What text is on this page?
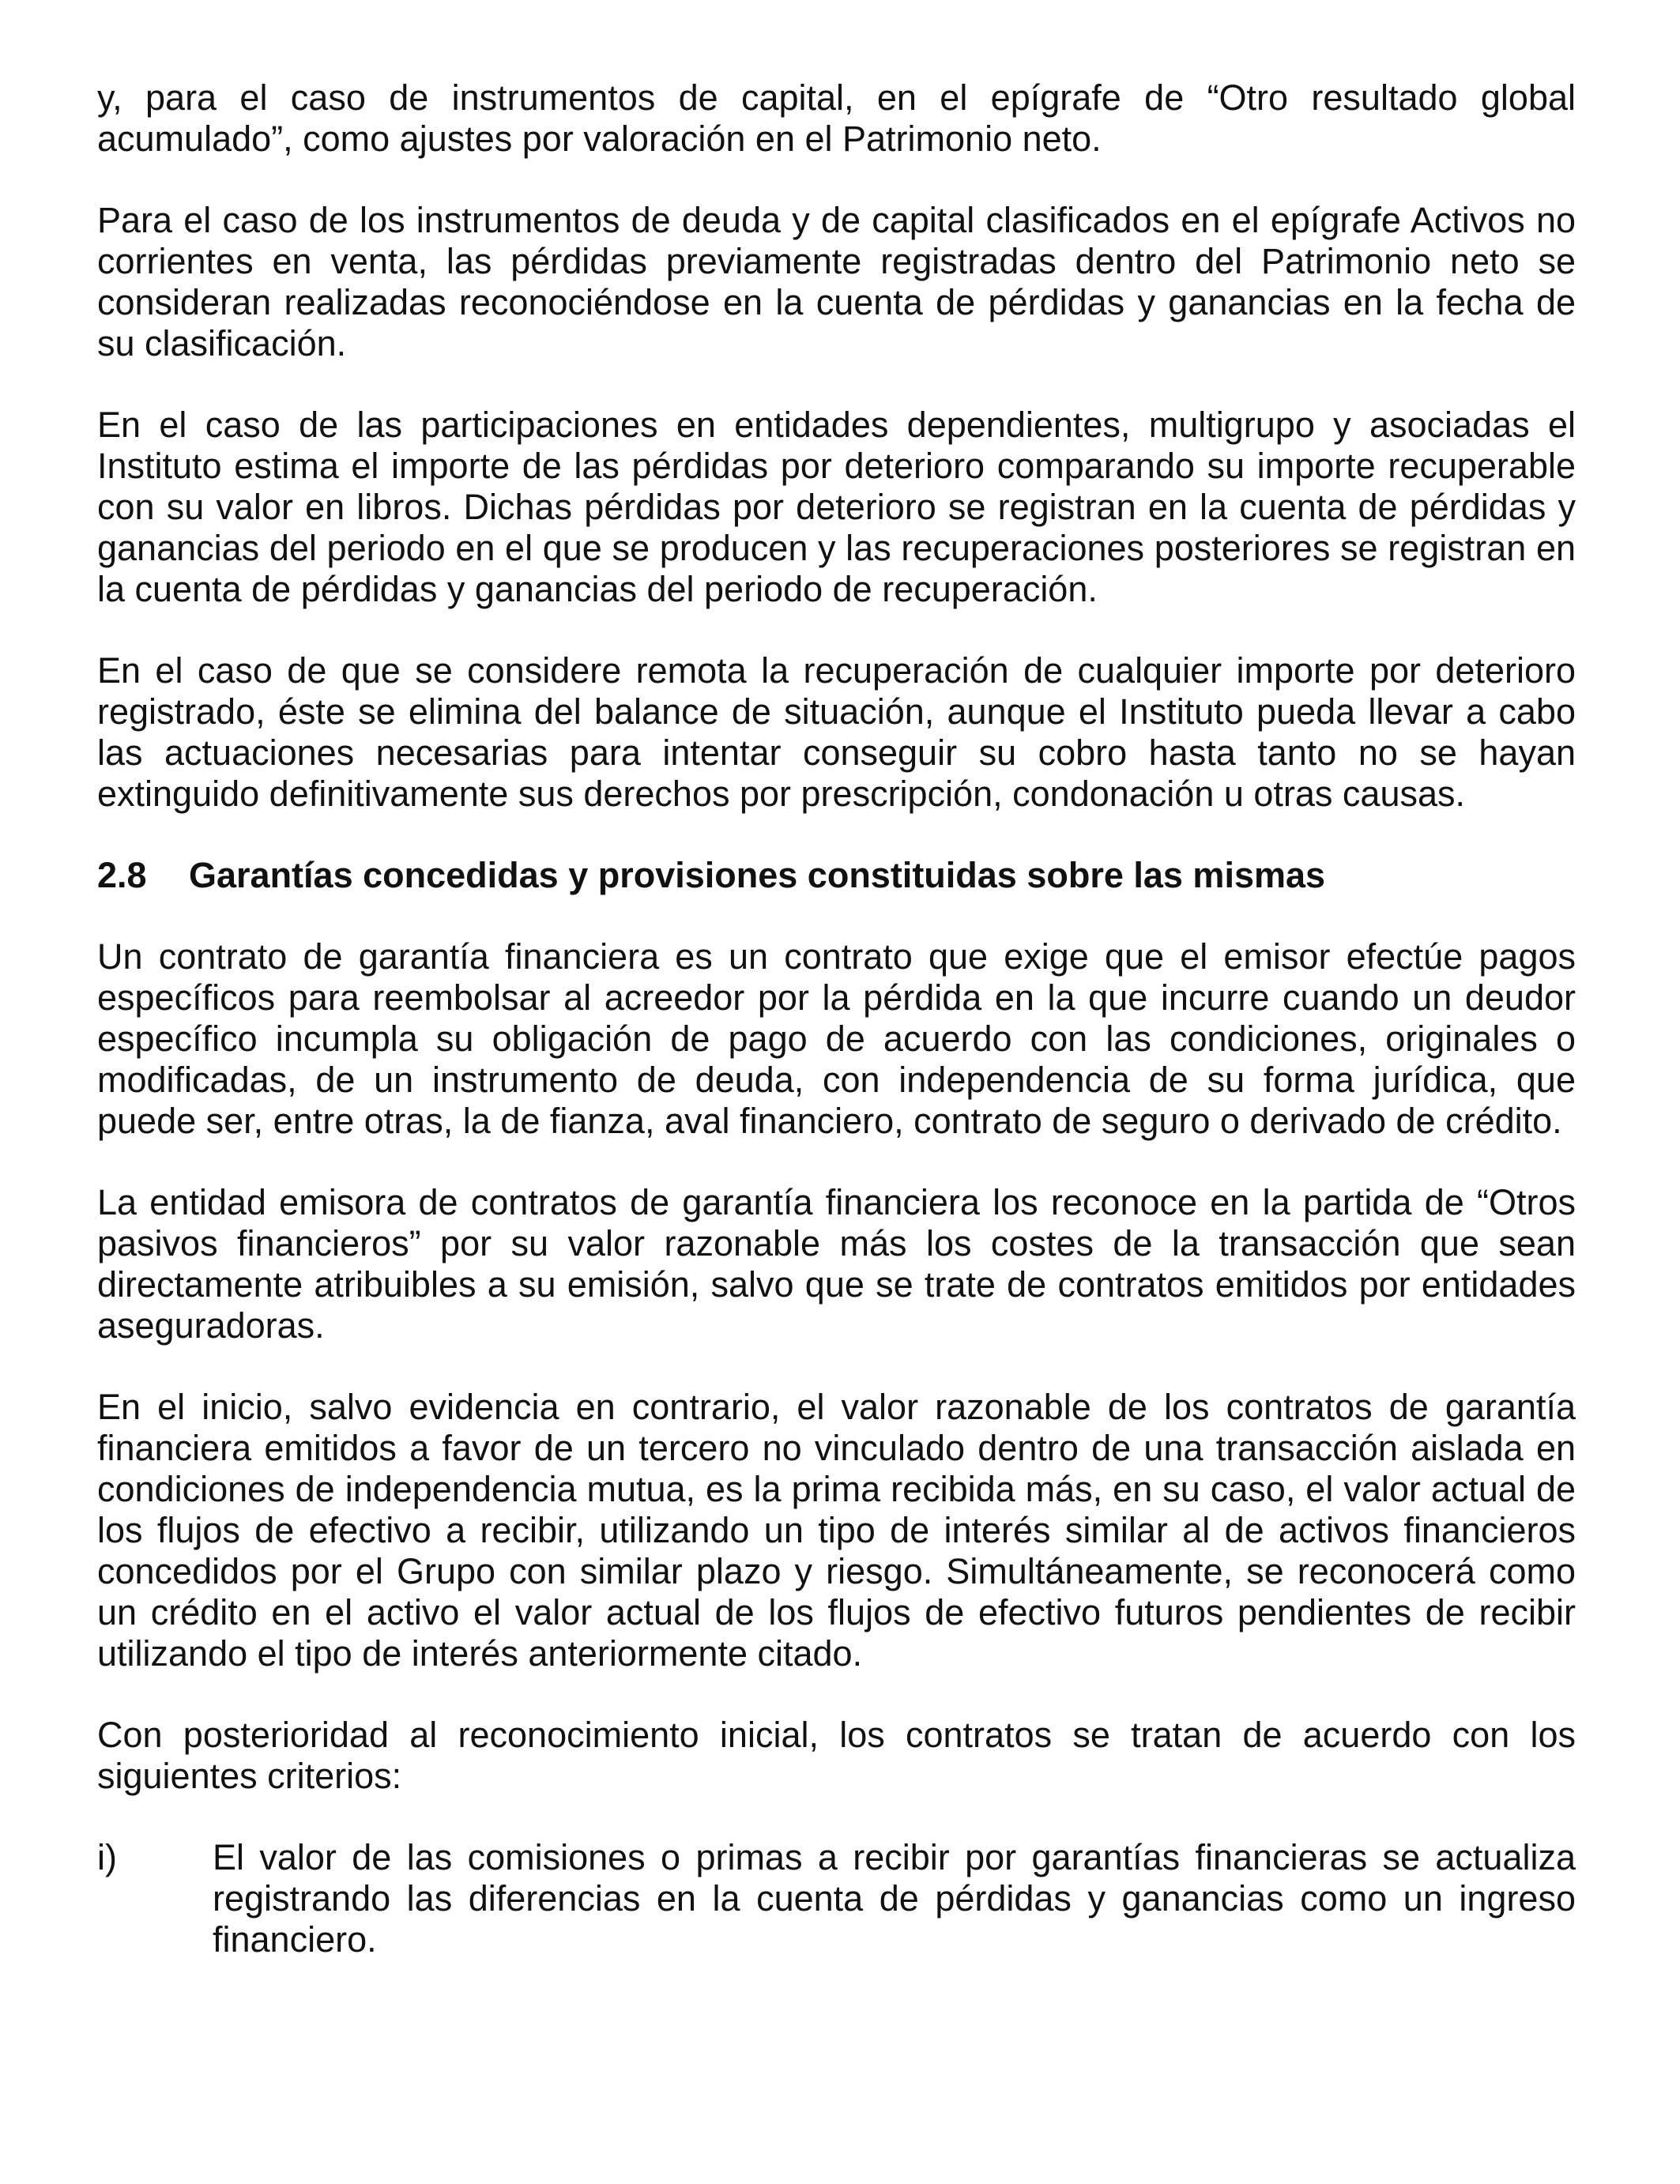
y, para el caso de instrumentos de capital, en el epígrafe de “Otro resultado global acumulado”, como ajustes por valoración en el Patrimonio neto.

Para el caso de los instrumentos de deuda y de capital clasificados en el epígrafe Activos no corrientes en venta, las pérdidas previamente registradas dentro del Patrimonio neto se consideran realizadas reconociéndose en la cuenta de pérdidas y ganancias en la fecha de su clasificación.

En el caso de las participaciones en entidades dependientes, multigrupo y asociadas el Instituto estima el importe de las pérdidas por deterioro comparando su importe recuperable con su valor en libros. Dichas pérdidas por deterioro se registran en la cuenta de pérdidas y ganancias del periodo en el que se producen y las recuperaciones posteriores se registran en la cuenta de pérdidas y ganancias del periodo de recuperación.

En el caso de que se considere remota la recuperación de cualquier importe por deterioro registrado, éste se elimina del balance de situación, aunque el Instituto pueda llevar a cabo las actuaciones necesarias para intentar conseguir su cobro hasta tanto no se hayan extinguido definitivamente sus derechos por prescripción, condonación u otras causas.

2.8	Garantías concedidas y provisiones constituidas sobre las mismas

Un contrato de garantía financiera es un contrato que exige que el emisor efectúe pagos específicos para reembolsar al acreedor por la pérdida en la que incurre cuando un deudor específico incumpla su obligación de pago de acuerdo con las condiciones, originales o modificadas, de un instrumento de deuda, con independencia de su forma jurídica, que puede ser, entre otras, la de fianza, aval financiero, contrato de seguro o derivado de crédito.

La entidad emisora de contratos de garantía financiera los reconoce en la partida de “Otros pasivos financieros” por su valor razonable más los costes de la transacción que sean directamente atribuibles a su emisión, salvo que se trate de contratos emitidos por entidades aseguradoras.

En el inicio, salvo evidencia en contrario, el valor razonable de los contratos de garantía financiera emitidos a favor de un tercero no vinculado dentro de una transacción aislada en condiciones de independencia mutua, es la prima recibida más, en su caso, el valor actual de los flujos de efectivo a recibir, utilizando un tipo de interés similar al de activos financieros concedidos por el Grupo con similar plazo y riesgo. Simultáneamente, se reconocerá como un crédito en el activo el valor actual de los flujos de efectivo futuros pendientes de recibir utilizando el tipo de interés anteriormente citado.

Con posterioridad al reconocimiento inicial, los contratos se tratan de acuerdo con los siguientes criterios:

i)	El valor de las comisiones o primas a recibir por garantías financieras se actualiza registrando las diferencias en la cuenta de pérdidas y ganancias como un ingreso financiero.
